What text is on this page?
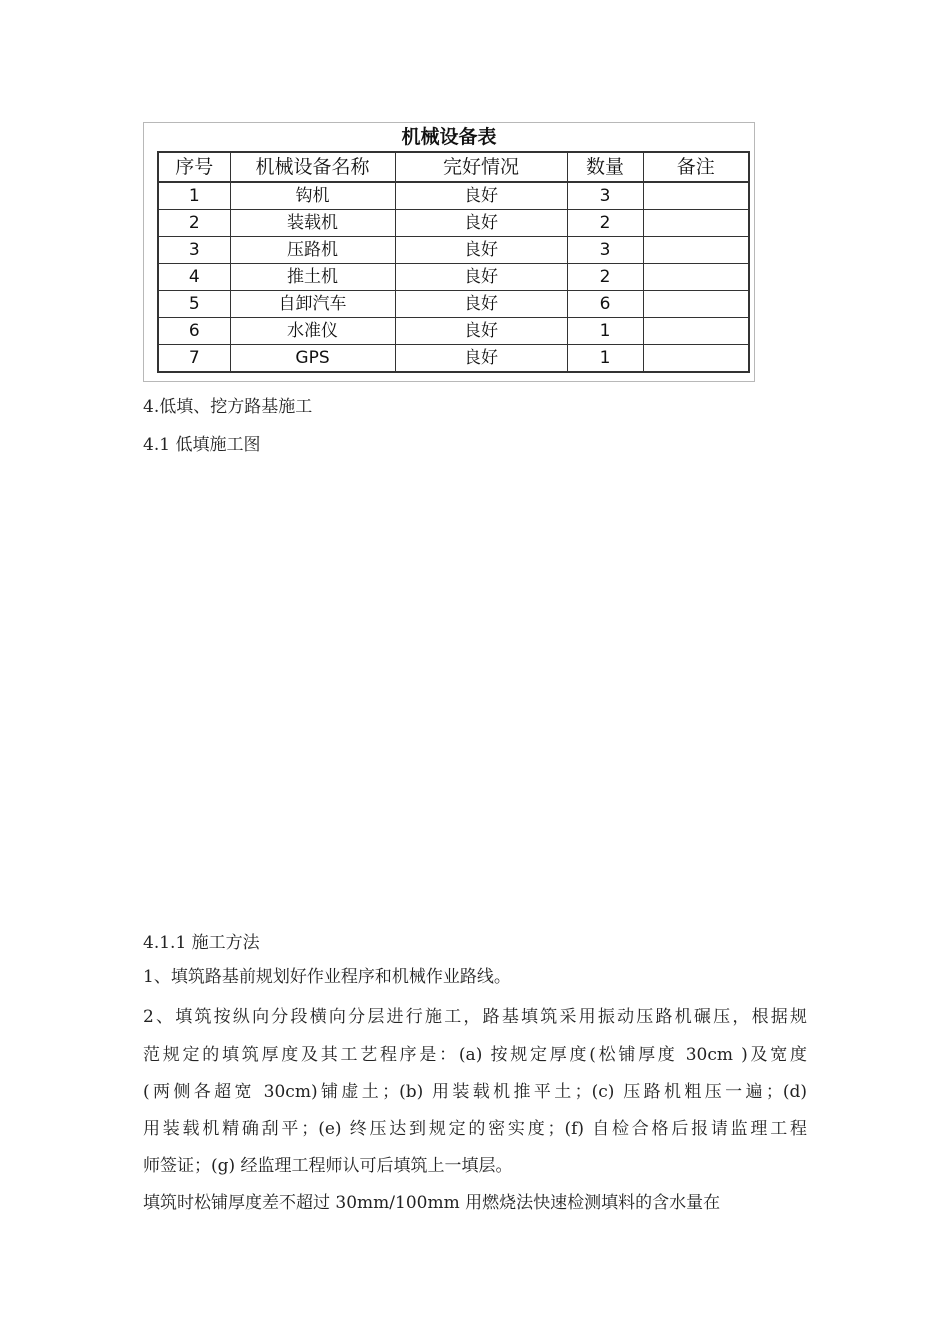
机械设备表
序号	机械设备名称	完好情况	数量	备注
1	钩机	良好	3	
2	装载机	良好	2	
3	压路机	良好	3	
4	推土机	良好	2	
5	自卸汽车	良好	6	
6	水准仪	良好	1	
7	GPS	良好	1	
4.低填、挖方路基施工
4.1 低填施工图
4.1.1 施工方法
1、填筑路基前规划好作业程序和机械作业路线。
2、填筑按纵向分段横向分层进行施工，路基填筑采用振动压路机碾压，根据规
范规定的填筑厚度及其工艺程序是：(a) 按规定厚度(松铺厚度 30cm )及宽度
(两侧各超宽 30cm)铺虚土；(b) 用装载机推平土；(c) 压路机粗压一遍；(d)
用装载机精确刮平；(e) 终压达到规定的密实度；(f) 自检合格后报请监理工程
师签证；(g) 经监理工程师认可后填筑上一填层。
填筑时松铺厚度差不超过 30mm/100mm 用燃烧法快速检测填料的含水量在
